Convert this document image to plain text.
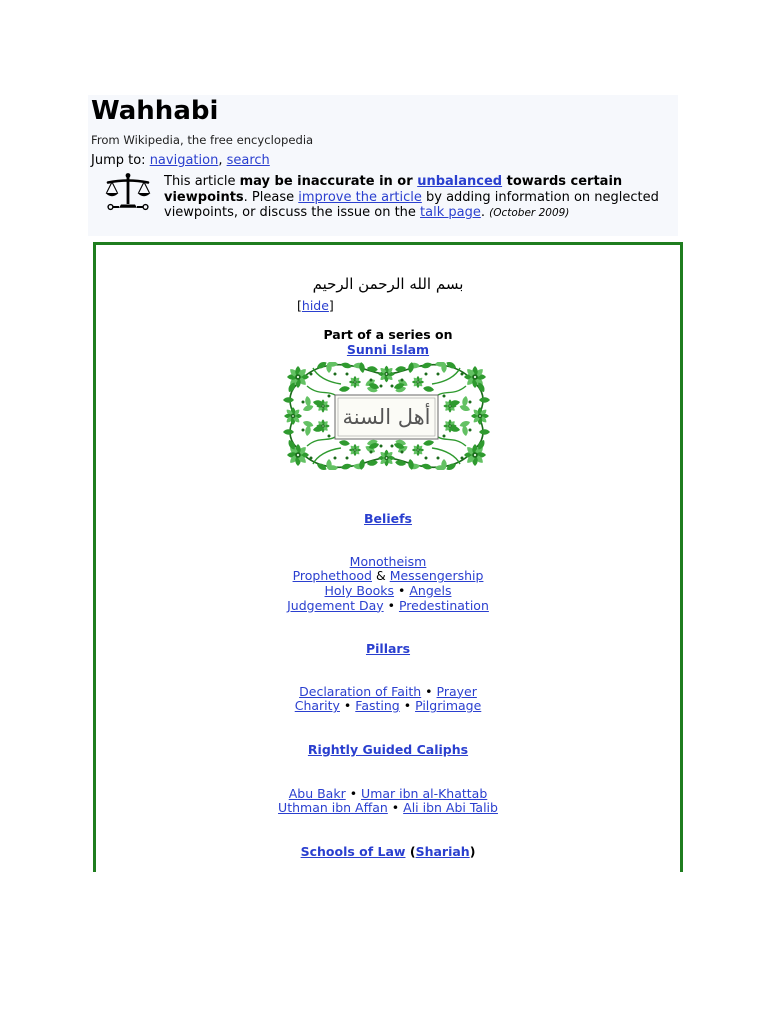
Wahhabi
From Wikipedia, the free encyclopedia
Jump to: navigation, search
This article may be inaccurate in or unbalanced towards certain
viewpoints. Please improve the article by adding information on neglected
viewpoints, or discuss the issue on the talk page. (October 2009)
بسم الله الرحمن الرحيم
[hide]
Part of a series on
Sunni Islam
أهل السنة
Beliefs
Monotheism
Prophethood & Messengership
Holy Books • Angels
Judgement Day • Predestination
Pillars
Declaration of Faith • Prayer
Charity • Fasting • Pilgrimage
Rightly Guided Caliphs
Abu Bakr • Umar ibn al-Khattab
Uthman ibn Affan • Ali ibn Abi Talib
Schools of Law (Shariah)
